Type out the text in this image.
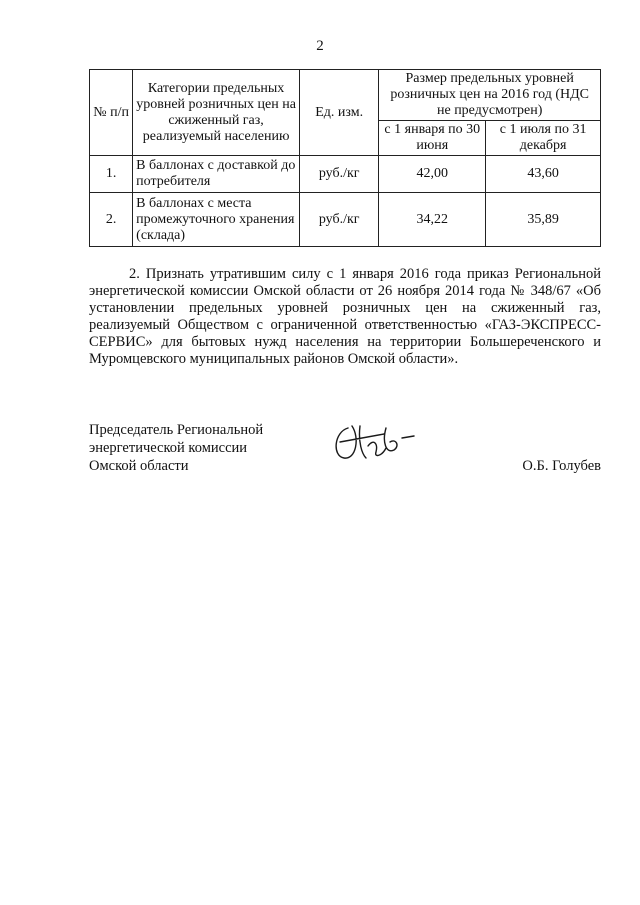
2
№ п/п	Категории предельных уровней розничных цен на сжиженный газ, реализуемый населению	Ед. изм.	Размер предельных уровней розничных цен на 2016 год (НДС не предусмотрен)	
			с 1 января по 30 июня	с 1 июля по 31 декабря
1.	В баллонах с доставкой до потребителя	руб./кг	42,00	43,60
2.	В баллонах с места промежуточного хранения (склада)	руб./кг	34,22	35,89
2. Признать утратившим силу с 1 января 2016 года приказ Региональной энергетической комиссии Омской области от 26 ноября 2014 года № 348/67 «Об установлении предельных уровней розничных цен на сжиженный газ, реализуемый Обществом с ограниченной ответственностью «ГАЗ-ЭКСПРЕСС-СЕРВИС» для бытовых нужд населения на территории Большереченского и Муромцевского муниципальных районов Омской области».
Председатель Региональной
энергетической комиссии
Омской области	О.Б. Голубев
